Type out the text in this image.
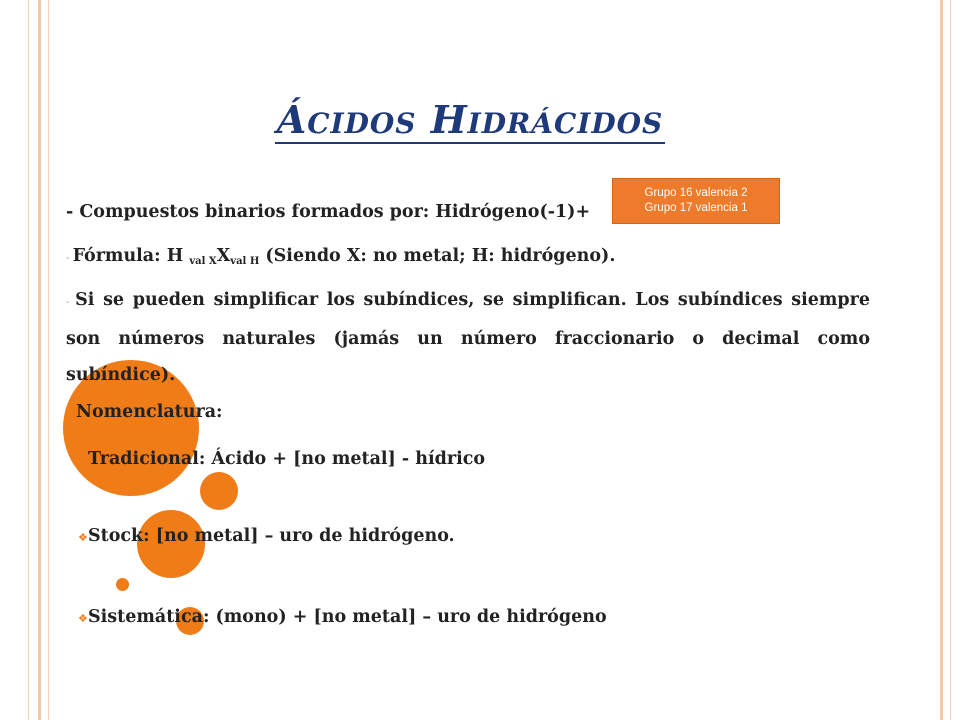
ÁCIDOS HIDRÁCIDOS
Grupo 16 valencia 2
Grupo 17 valencia 1
- Compuestos binarios formados por: Hidrógeno(-1)+
- Fórmula: H $_{val X}X_{val H}$ (Siendo X: no metal; H: hidrógeno).
- Si se pueden simplificar los subíndices, se simplifican. Los subíndices siempre son números naturales (jamás un número fraccionario o decimal como subíndice).
Nomenclatura:
❖ Tradicional: Ácido + [no metal] - hídrico
❖ Stock: [no metal] – uro de hidrógeno.
❖ Sistemática: (mono) + [no metal] – uro de hidrógeno
